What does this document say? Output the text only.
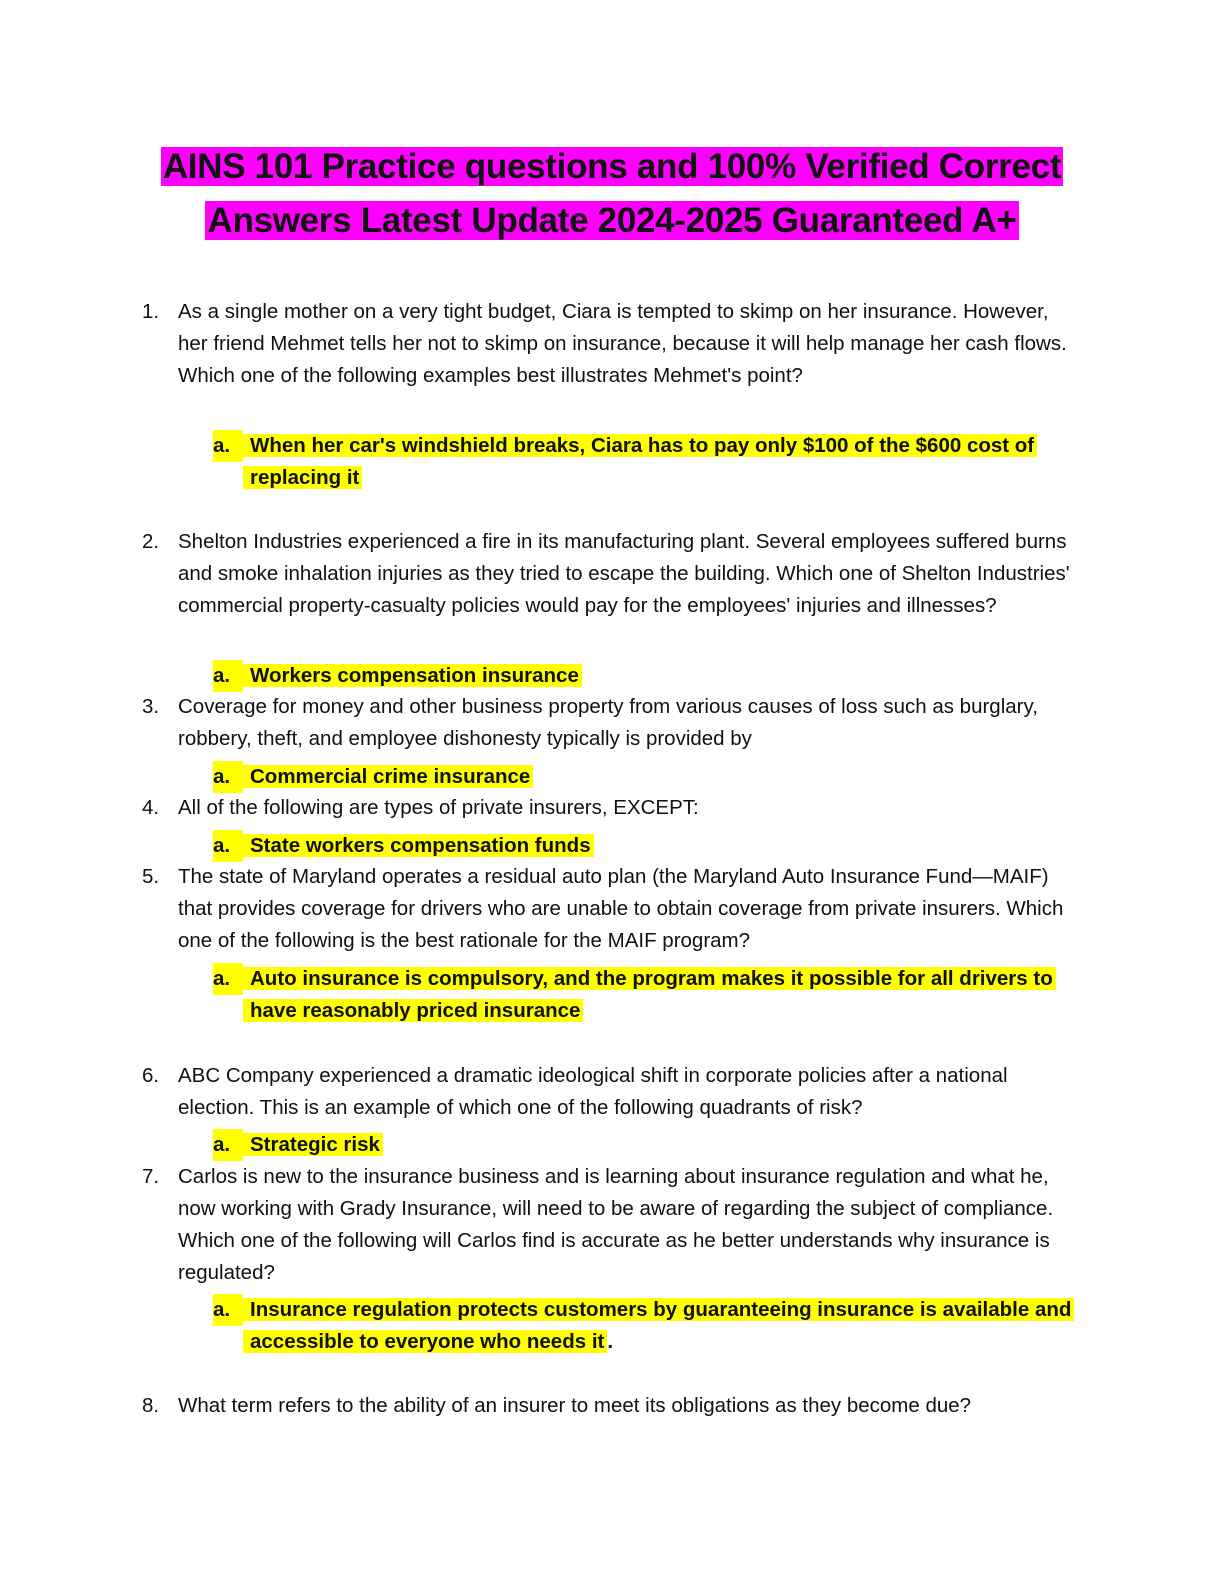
AINS 101 Practice questions and 100% Verified Correct
Answers Latest Update 2024-2025 Guaranteed A+
1. As a single mother on a very tight budget, Ciara is tempted to skimp on her insurance. However, her friend Mehmet tells her not to skimp on insurance, because it will help manage her cash flows. Which one of the following examples best illustrates Mehmet's point?
a. When her car's windshield breaks, Ciara has to pay only $100 of the $600 cost of replacing it
2. Shelton Industries experienced a fire in its manufacturing plant. Several employees suffered burns and smoke inhalation injuries as they tried to escape the building. Which one of Shelton Industries' commercial property-casualty policies would pay for the employees' injuries and illnesses?
a. Workers compensation insurance
3. Coverage for money and other business property from various causes of loss such as burglary, robbery, theft, and employee dishonesty typically is provided by
a. Commercial crime insurance
4. All of the following are types of private insurers, EXCEPT:
a. State workers compensation funds
5. The state of Maryland operates a residual auto plan (the Maryland Auto Insurance Fund—MAIF) that provides coverage for drivers who are unable to obtain coverage from private insurers. Which one of the following is the best rationale for the MAIF program?
a. Auto insurance is compulsory, and the program makes it possible for all drivers to have reasonably priced insurance
6. ABC Company experienced a dramatic ideological shift in corporate policies after a national election. This is an example of which one of the following quadrants of risk?
a. Strategic risk
7. Carlos is new to the insurance business and is learning about insurance regulation and what he, now working with Grady Insurance, will need to be aware of regarding the subject of compliance. Which one of the following will Carlos find is accurate as he better understands why insurance is regulated?
a. Insurance regulation protects customers by guaranteeing insurance is available and accessible to everyone who needs it .
8. What term refers to the ability of an insurer to meet its obligations as they become due?
